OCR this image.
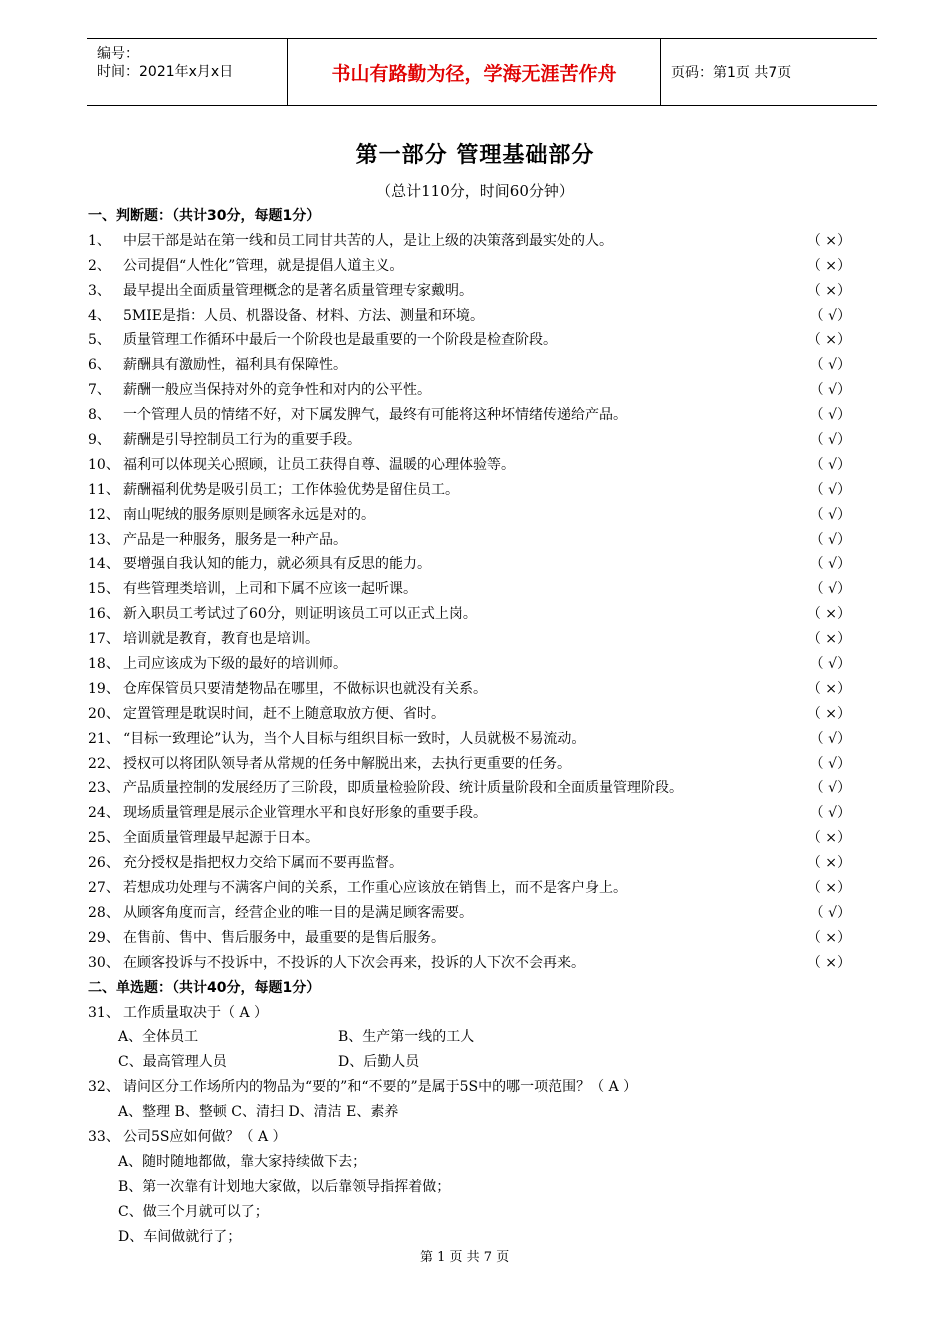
编号：
时间：2021年x月x日	书山有路勤为径，学海无涯苦作舟	页码：第1页 共7页
第一部分 管理基础部分
（总计110分，时间60分钟）
一、判断题：（共计30分，每题1分）
1、 中层干部是站在第一线和员工同甘共苦的人，是让上级的决策落到最实处的人。	（ ×）
2、 公司提倡“人性化”管理，就是提倡人道主义。	（ ×）
3、 最早提出全面质量管理概念的是著名质量管理专家戴明。	（ ×）
4、 5MIE是指：人员、机器设备、材料、方法、测量和环境。	（ √）
5、 质量管理工作循环中最后一个阶段也是最重要的一个阶段是检查阶段。	（ ×）
6、 薪酬具有激励性，福利具有保障性。	（ √）
7、 薪酬一般应当保持对外的竞争性和对内的公平性。	（ √）
8、 一个管理人员的情绪不好，对下属发脾气，最终有可能将这种坏情绪传递给产品。	（ √）
9、 薪酬是引导控制员工行为的重要手段。	（ √）
10、 福利可以体现关心照顾，让员工获得自尊、温暖的心理体验等。	（ √）
11、 薪酬福利优势是吸引员工；工作体验优势是留住员工。	（ √）
12、 南山呢绒的服务原则是顾客永远是对的。	（ √）
13、 产品是一种服务，服务是一种产品。	（ √）
14、 要增强自我认知的能力，就必须具有反思的能力。	（ √）
15、 有些管理类培训，上司和下属不应该一起听课。	（ √）
16、 新入职员工考试过了60分，则证明该员工可以正式上岗。	（ ×）
17、 培训就是教育，教育也是培训。	（ ×）
18、 上司应该成为下级的最好的培训师。	（ √）
19、 仓库保管员只要清楚物品在哪里，不做标识也就没有关系。	（ ×）
20、 定置管理是耽误时间，赶不上随意取放方便、省时。	（ ×）
21、 “目标一致理论”认为，当个人目标与组织目标一致时，人员就极不易流动。	（ √）
22、 授权可以将团队领导者从常规的任务中解脱出来，去执行更重要的任务。	（ √）
23、 产品质量控制的发展经历了三阶段，即质量检验阶段、统计质量阶段和全面质量管理阶段。	（ √）
24、 现场质量管理是展示企业管理水平和良好形象的重要手段。	（ √）
25、 全面质量管理最早起源于日本。	（ ×）
26、 充分授权是指把权力交给下属而不要再监督。	（ ×）
27、 若想成功处理与不满客户间的关系，工作重心应该放在销售上，而不是客户身上。	（ ×）
28、 从顾客角度而言，经营企业的唯一目的是满足顾客需要。	（ √）
29、 在售前、售中、售后服务中，最重要的是售后服务。	（ ×）
30、 在顾客投诉与不投诉中，不投诉的人下次会再来，投诉的人下次不会再来。	（ ×）
二、单选题：（共计40分，每题1分）
31、 工作质量取决于（ A ）
A、全体员工	B、生产第一线的工人
C、最高管理人员	D、后勤人员
32、 请问区分工作场所内的物品为“要的”和“不要的”是属于5S中的哪一项范围？（ A ）
A、整理 B、整顿 C、清扫 D、清洁 E、素养
33、 公司5S应如何做？（ A ）
A、随时随地都做，靠大家持续做下去；
B、第一次靠有计划地大家做，以后靠领导指挥着做；
C、做三个月就可以了；
D、车间做就行了；
第 1 页 共 7 页
